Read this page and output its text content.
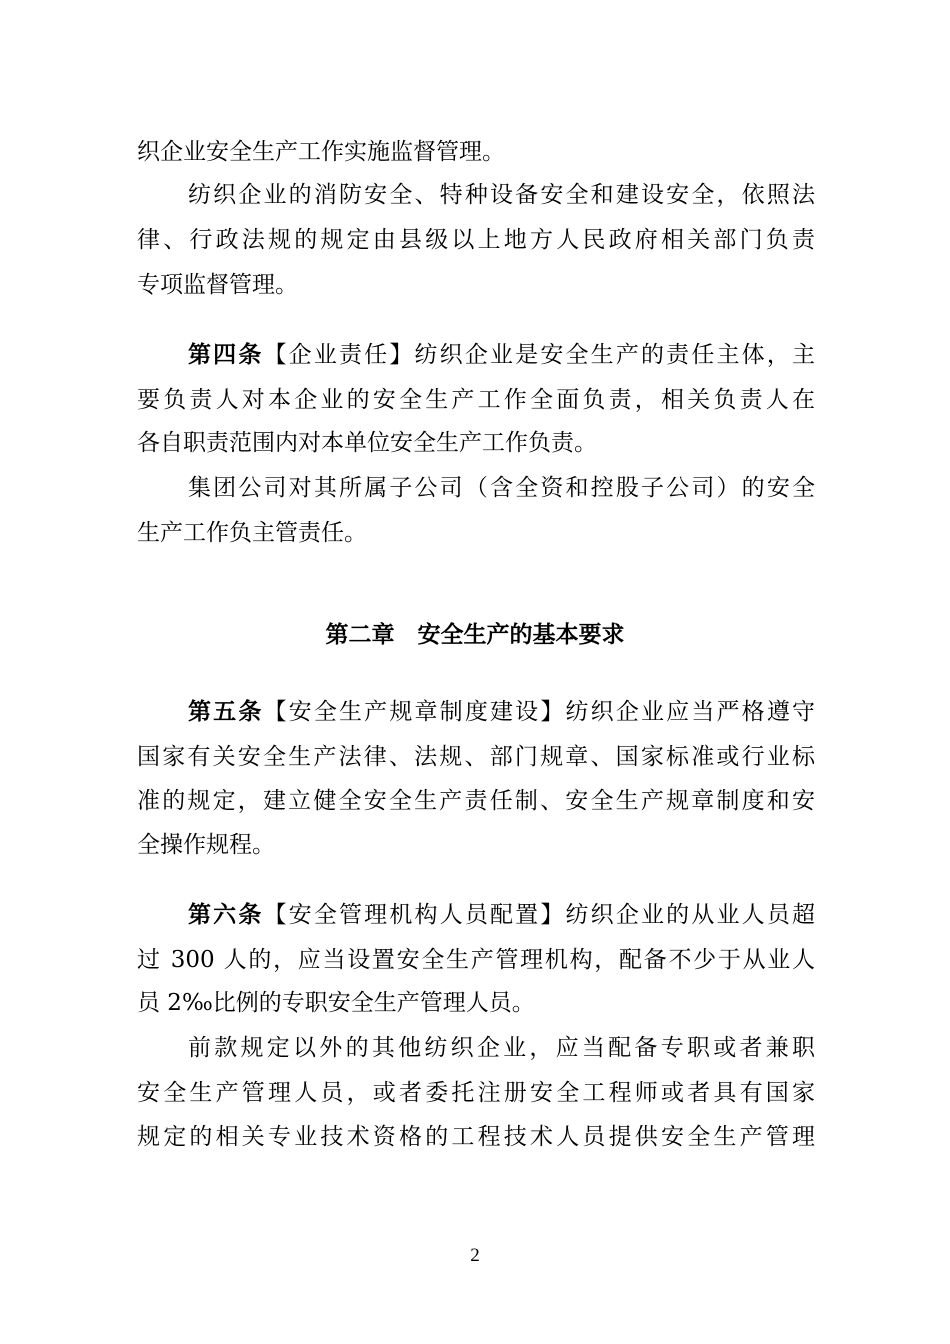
织企业安全生产工作实施监督管理。
纺织企业的消防安全、特种设备安全和建设安全，依照法
律、行政法规的规定由县级以上地方人民政府相关部门负责
专项监督管理。
第四条【企业责任】纺织企业是安全生产的责任主体，主
要负责人对本企业的安全生产工作全面负责，相关负责人在
各自职责范围内对本单位安全生产工作负责。
集团公司对其所属子公司（含全资和控股子公司）的安全
生产工作负主管责任。
第二章　安全生产的基本要求
第五条【安全生产规章制度建设】纺织企业应当严格遵守
国家有关安全生产法律、法规、部门规章、国家标准或行业标
准的规定，建立健全安全生产责任制、安全生产规章制度和安
全操作规程。
第六条【安全管理机构人员配置】纺织企业的从业人员超
过 300 人的，应当设置安全生产管理机构，配备不少于从业人
员 2‰比例的专职安全生产管理人员。
前款规定以外的其他纺织企业，应当配备专职或者兼职
安全生产管理人员，或者委托注册安全工程师或者具有国家
规定的相关专业技术资格的工程技术人员提供安全生产管理
2
